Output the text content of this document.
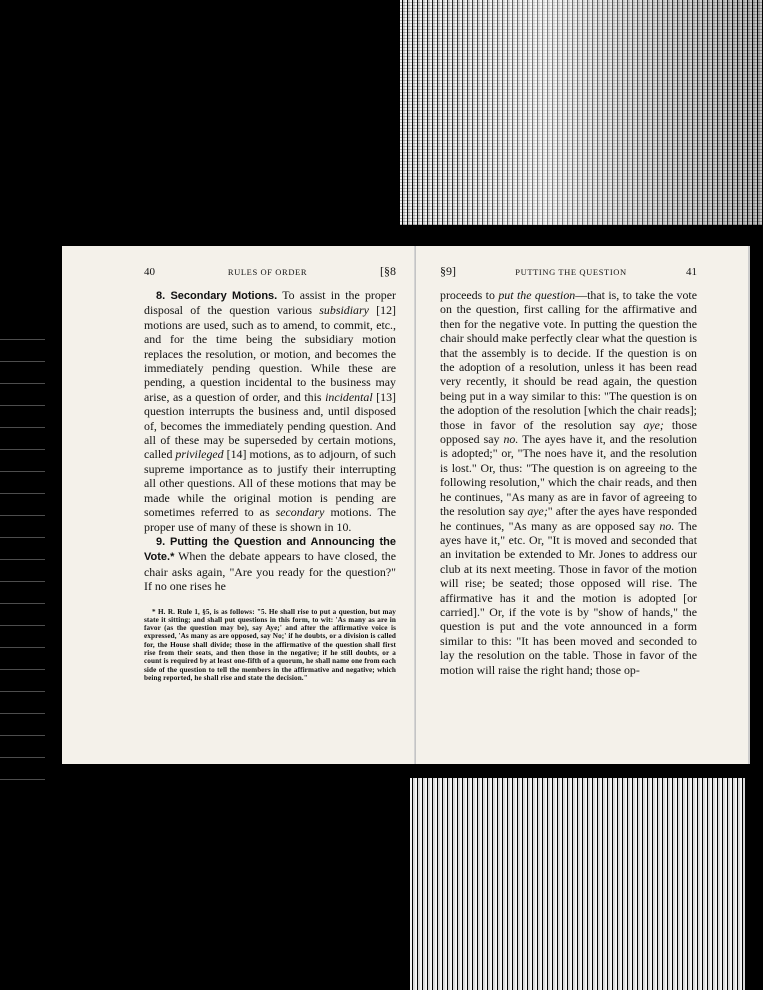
40	RULES OF ORDER	[§8

8. Secondary Motions. To assist in the proper disposal of the question various subsidiary [12] motions are used, such as to amend, to commit, etc., and for the time being the subsidiary motion replaces the resolution, or motion, and becomes the immediately pending question. While these are pending, a question incidental to the business may arise, as a question of order, and this incidental [13] question interrupts the business and, until disposed of, becomes the immediately pending question. And all of these may be superseded by certain motions, called privileged [14] motions, as to adjourn, of such supreme importance as to justify their interrupting all other questions. All of these motions that may be made while the original motion is pending are sometimes referred to as secondary motions. The proper use of many of these is shown in 10.

9. Putting the Question and Announcing the Vote.* When the debate appears to have closed, the chair asks again, "Are you ready for the question?" If no one rises he

* H. R. Rule 1, §5, is as follows: "5. He shall rise to put a question, but may state it sitting; and shall put questions in this form, to wit: 'As many as are in favor (as the question may be), say Aye;' and after the affirmative voice is expressed, 'As many as are opposed, say No;' if he doubts, or a division is called for, the House shall divide; those in the affirmative of the question shall first rise from their seats, and then those in the negative; if he still doubts, or a count is required by at least one-fifth of a quorum, he shall name one from each side of the question to tell the members in the affirmative and negative; which being reported, he shall rise and state the decision."

§9]	PUTTING THE QUESTION	41

proceeds to put the question—that is, to take the vote on the question, first calling for the affirmative and then for the negative vote. In putting the question the chair should make perfectly clear what the question is that the assembly is to decide. If the question is on the adoption of a resolution, unless it has been read very recently, it should be read again, the question being put in a way similar to this: "The question is on the adoption of the resolution [which the chair reads]; those in favor of the resolution say aye; those opposed say no. The ayes have it, and the resolution is adopted;" or, "The noes have it, and the resolution is lost." Or, thus: "The question is on agreeing to the following resolution," which the chair reads, and then he continues, "As many as are in favor of agreeing to the resolution say aye;" after the ayes have responded he continues, "As many as are opposed say no. The ayes have it," etc. Or, "It is moved and seconded that an invitation be extended to Mr. Jones to address our club at its next meeting. Those in favor of the motion will rise; be seated; those opposed will rise. The affirmative has it and the motion is adopted [or carried]." Or, if the vote is by "show of hands," the question is put and the vote announced in a form similar to this: "It has been moved and seconded to lay the resolution on the table. Those in favor of the motion will raise the right hand; those op-
